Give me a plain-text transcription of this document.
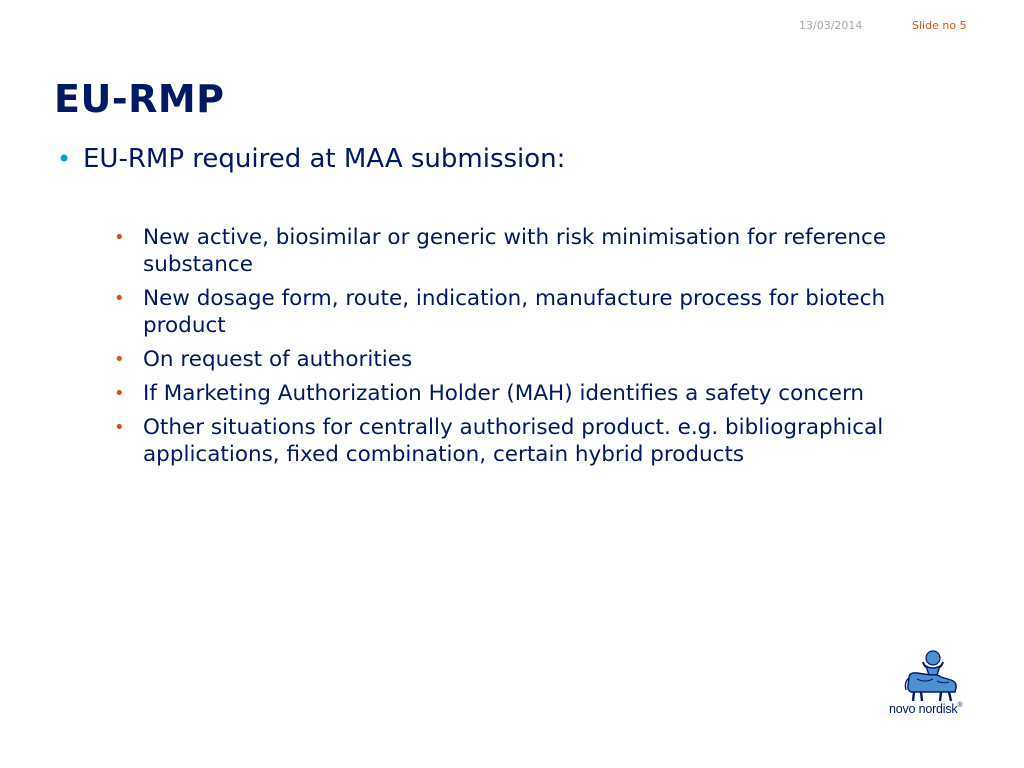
13/03/2014	Slide no 5
EU-RMP
• EU-RMP required at MAA submission:
• New active, biosimilar or generic with risk minimisation for reference substance
• New dosage form, route, indication, manufacture process for biotech product
• On request of authorities
• If Marketing Authorization Holder (MAH) identifies a safety concern
• Other situations for centrally authorised product. e.g. bibliographical applications, fixed combination, certain hybrid products
novo nordisk®
